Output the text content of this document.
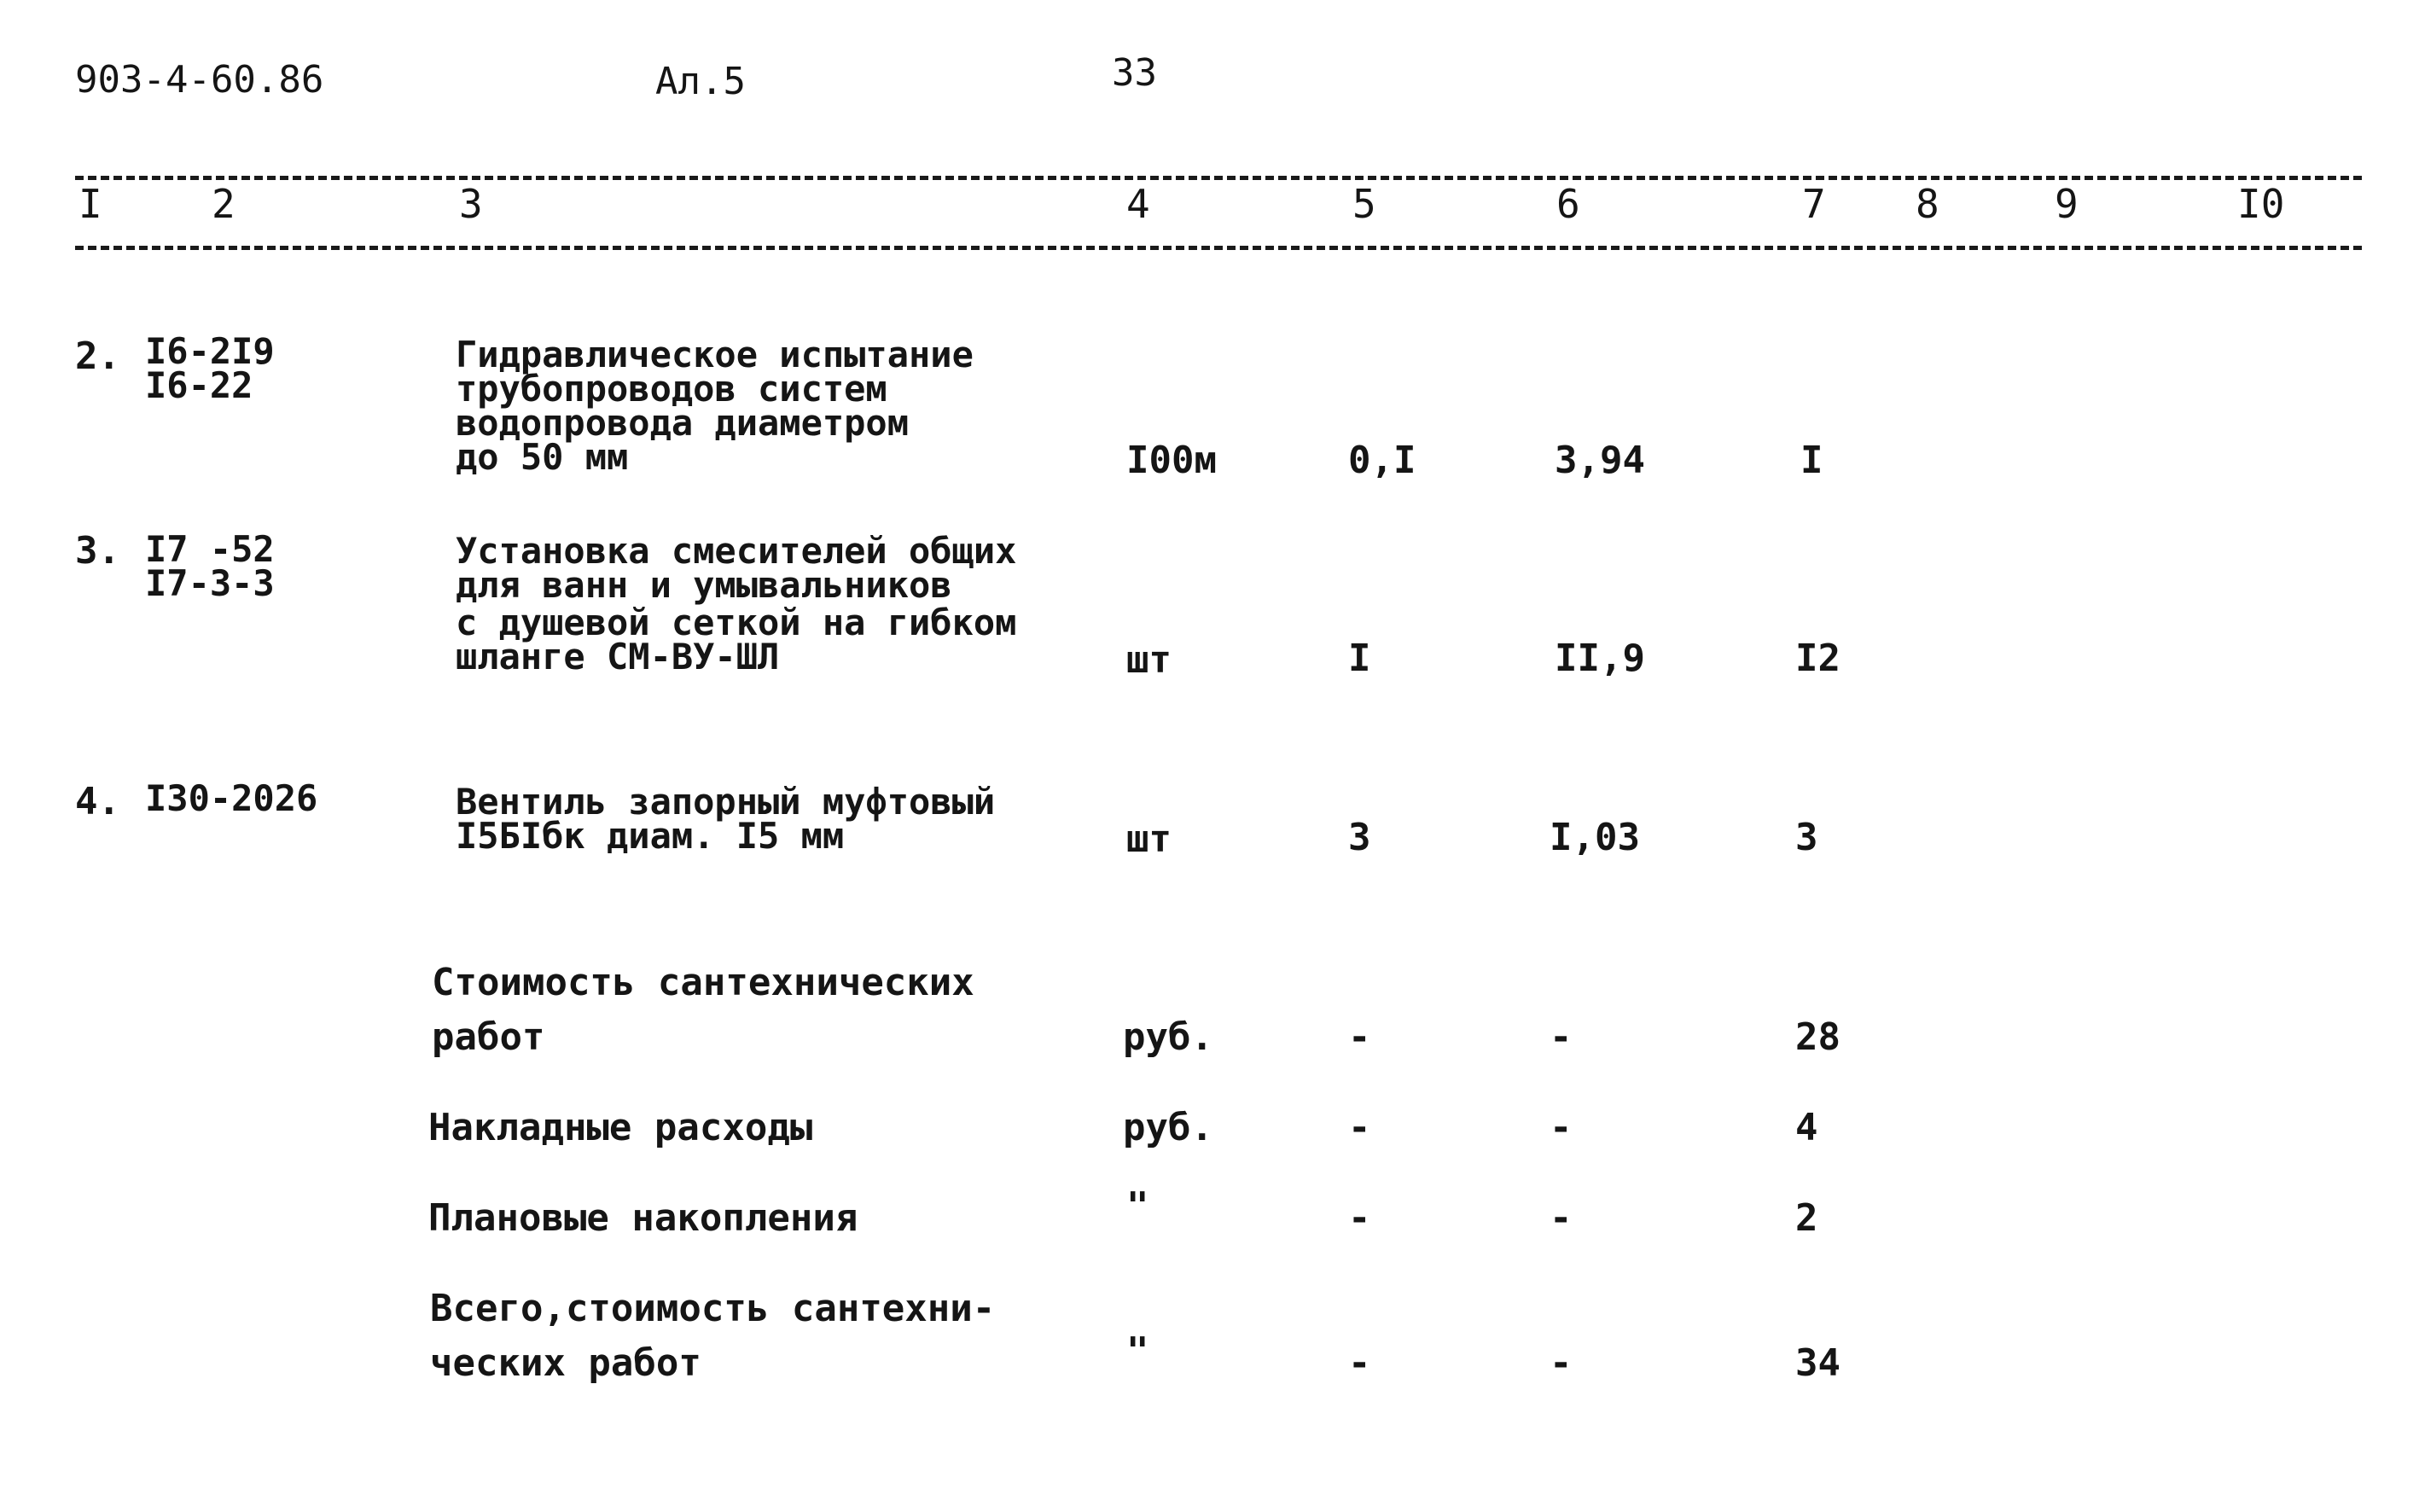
903-4-60.86	Ал.5	33
I	2	3	4	5	6	7 8	9	I0
2. I6-2I9
I6-22
Гидравлическое испытание
трубопроводов систем
водопровода диаметром
до 50 мм	I00м	0,I	3,94	I
3. I7 -52
I7-3-3
Установка смесителей общих
для ванн и умывальников
с душевой сеткой на гибком
шланге СМ-ВУ-ШЛ	шт	I	II,9	I2
4. I30-2026	Вентиль запорный муфтовый
I5БIбк диам. I5 мм	шт	3	I,03	3
Стоимость сантехнических
работ	руб.	-	-	28
Накладные расходы	руб.	-	-	4
Плановые накопления	"	-	-	2
Всего,стоимость сантехни-
ческих работ	"	-	-	34
